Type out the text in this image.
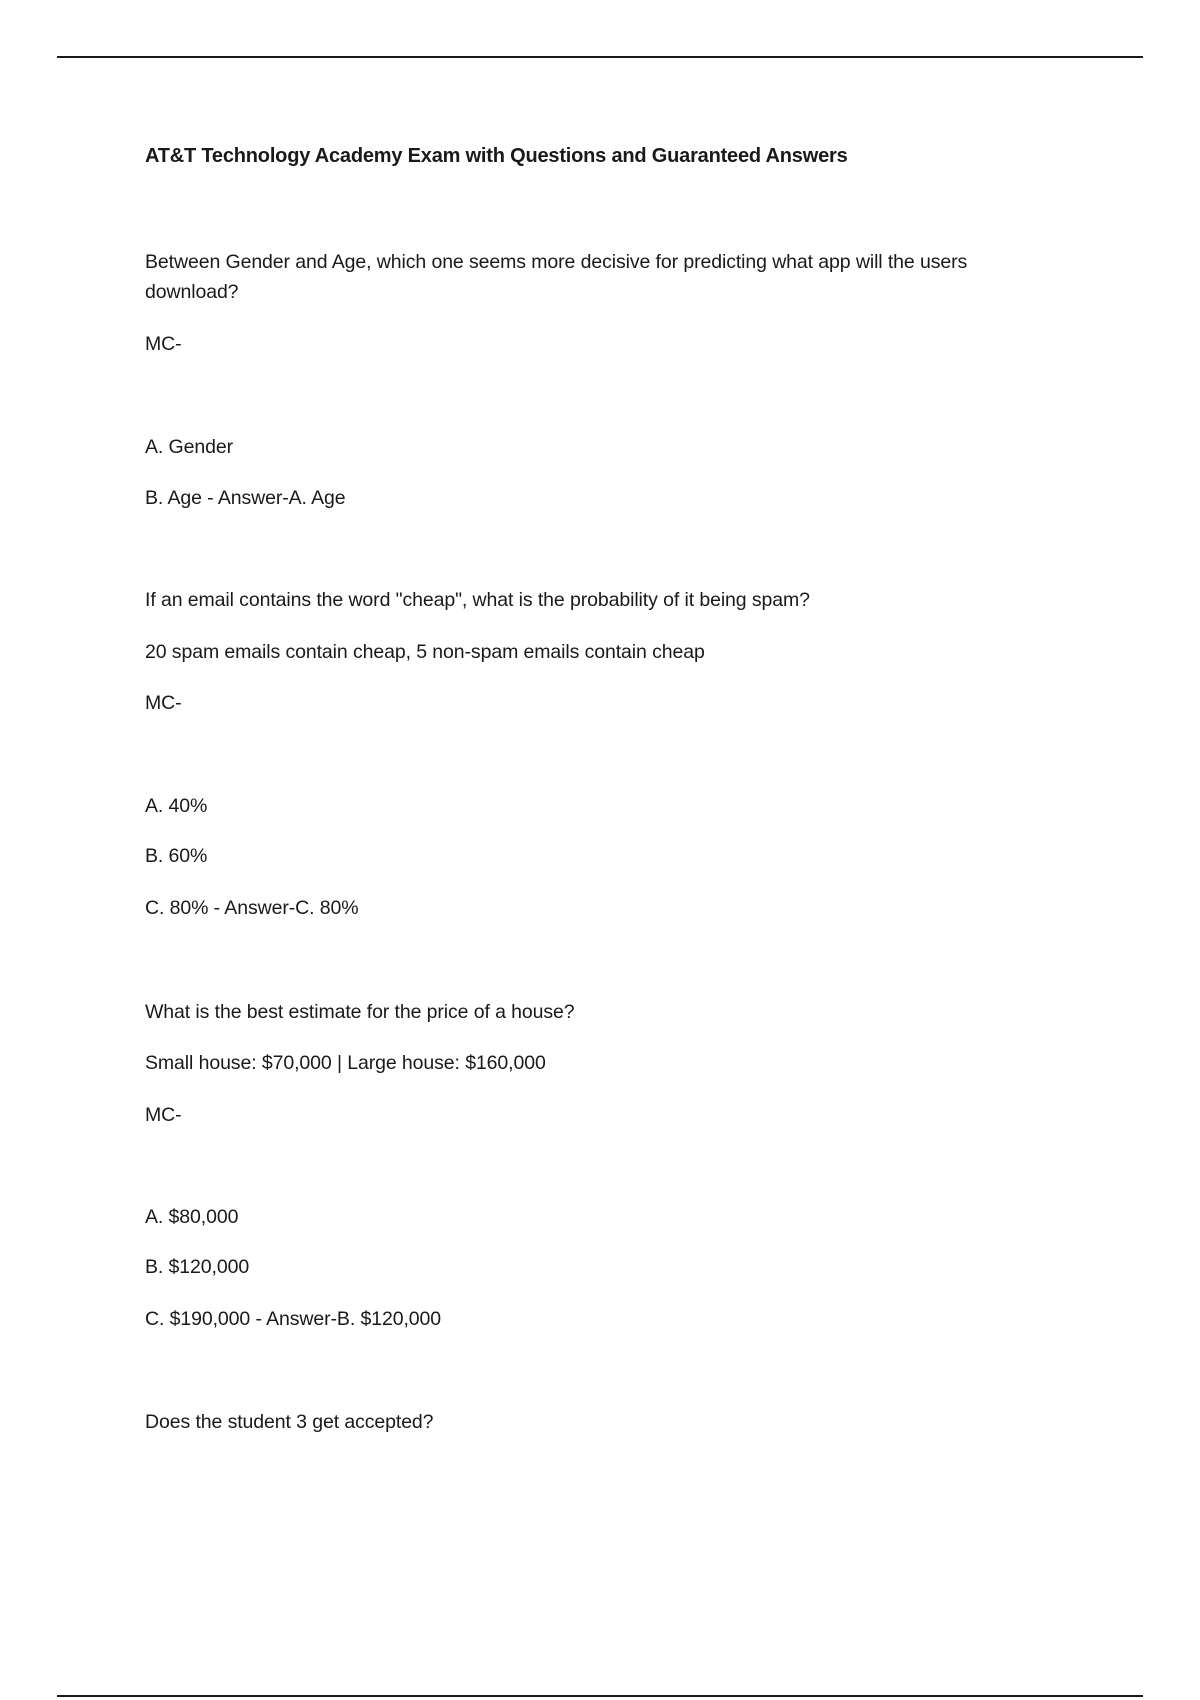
AT&T Technology Academy Exam with Questions and Guaranteed Answers

Between Gender and Age, which one seems more decisive for predicting what app will the users download?

MC-

A. Gender

B. Age - Answer-A. Age

If an email contains the word "cheap", what is the probability of it being spam?

20 spam emails contain cheap, 5 non-spam emails contain cheap

MC-

A. 40%

B. 60%

C. 80% - Answer-C. 80%

What is the best estimate for the price of a house?

Small house: $70,000 | Large house: $160,000

MC-

A. $80,000

B. $120,000

C. $190,000 - Answer-B. $120,000

Does the student 3 get accepted?
